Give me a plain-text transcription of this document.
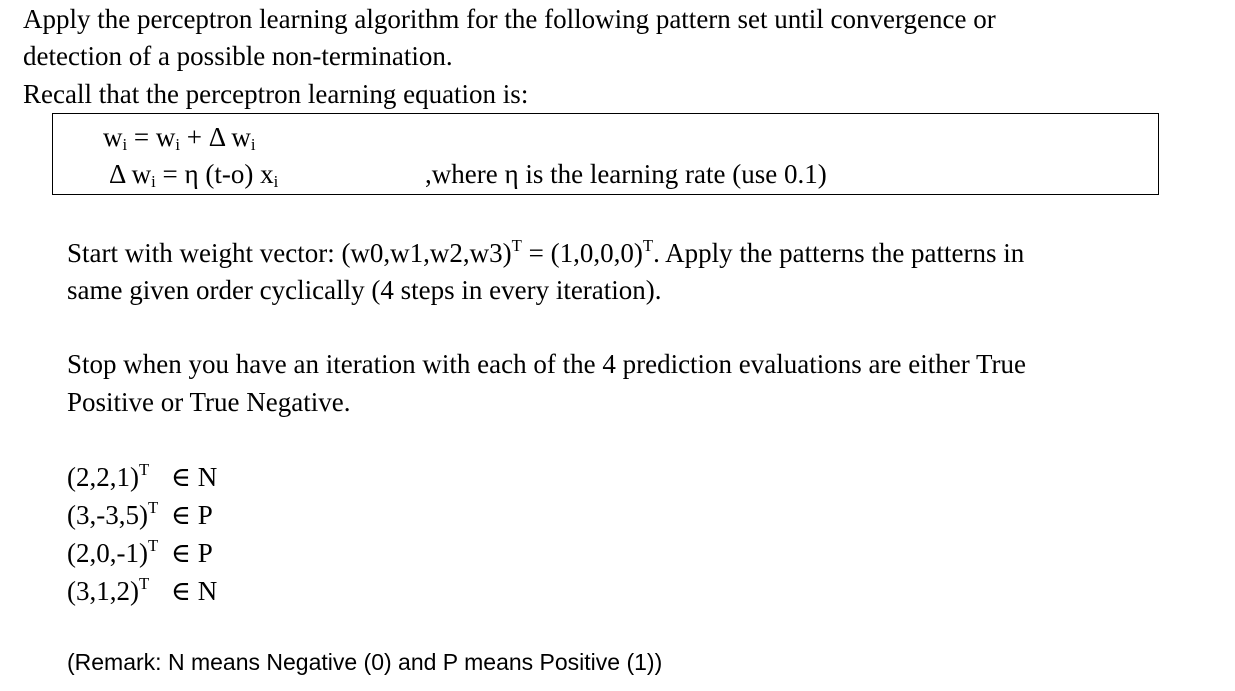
Apply the perceptron learning algorithm for the following pattern set until convergence or
detection of a possible non-termination.
Recall that the perceptron learning equation is:
$w_i = w_i + \Delta$ $w_i$
Δ $w_i = \eta$ (t-o) $x_i$	,where η is the learning rate (use 0.1)
Start with weight vector: $(w0,w1,w2,w3)^T = (1,0,0,0)^T$. Apply the patterns the patterns in
same given order cyclically (4 steps in every iteration).
Stop when you have an iteration with each of the 4 prediction evaluations are either True
Positive or True Negative.
$(2,2,1)^T$ ∈ N
$(3,-3,5)^T$ ∈ P
$(2,0,-1)^T$ ∈ P
$(3,1,2)^T$ ∈ N
(Remark: N means Negative (0) and P means Positive (1))
